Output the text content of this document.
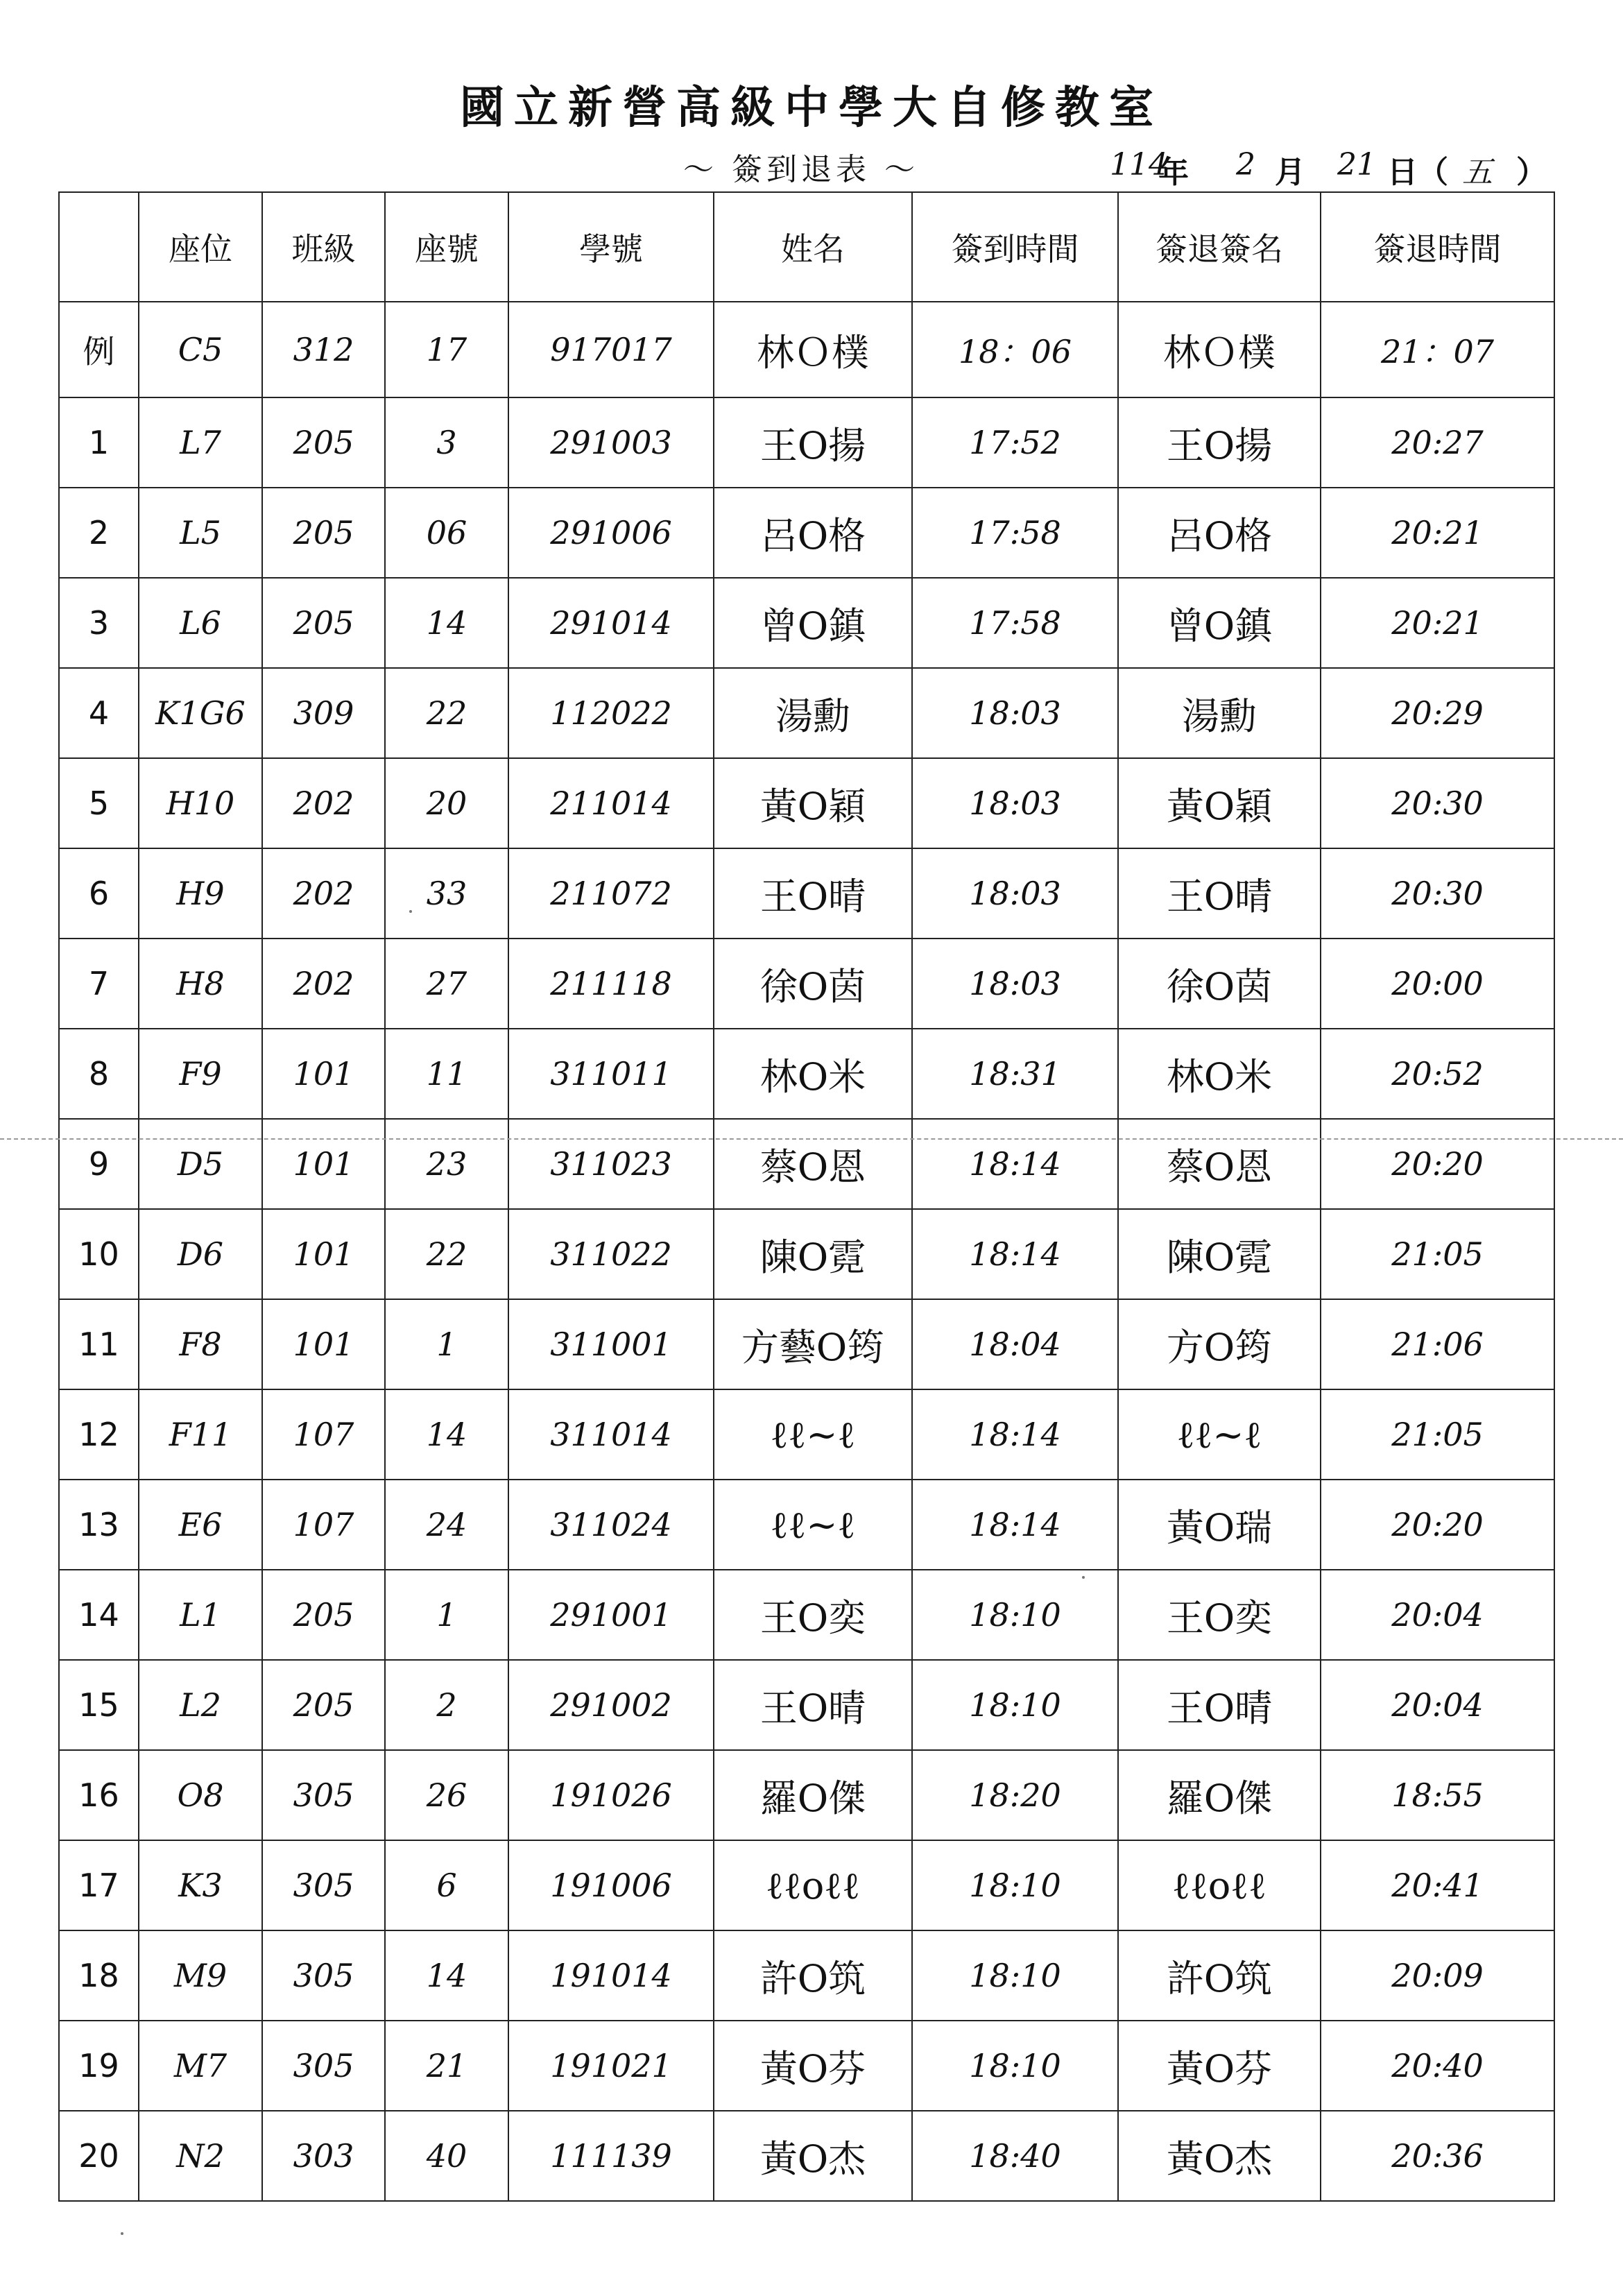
國立新營高級中學大自修教室
～ 簽到退表 ～	114
年 2 月 21 日（ 五 ）
	座位	班級	座號	學號	姓名	簽到時間	簽退簽名	簽退時間
例	C5	312	17	917017	林Ｏ樸	18：06	林Ｏ樸	21：07
1	L7	205	3	291003	王O揚	17:52	王O揚	20:27
2	L5	205	06	291006	呂O格	17:58	呂O格	20:21
3	L6	205	14	291014	曾O鎮	17:58	曾O鎮	20:21
4	K1G6	309	22	112022	湯勳	18:03	湯勳	20:29
5	H10	202	20	211014	黃O穎	18:03	黃O穎	20:30
6	H9	202	33	211072	王O晴	18:03	王O晴	20:30
7	H8	202	27	211118	徐O茵	18:03	徐O茵	20:00
8	F9	101	11	311011	林O米	18:31	林O米	20:52
9	D5	101	23	311023	蔡O恩	18:14	蔡O恩	20:20
10	D6	101	22	311022	陳O霓	18:14	陳O霓	21:05
11	F8	101	1	311001	方藝O筠	18:04	方O筠	21:06
12	F11	107	14	311014	ℓℓ~ℓ	18:14	ℓℓ~ℓ	21:05
13	E6	107	24	311024	ℓℓ~ℓ	18:14	黃O瑞	20:20
14	L1	205	1	291001	王O奕	18:10	王O奕	20:04
15	L2	205	2	291002	王O晴	18:10	王O晴	20:04
16	O8	305	26	191026	羅O傑	18:20	羅O傑	18:55
17	K3	305	6	191006	ℓℓoℓℓ	18:10	ℓℓoℓℓ	20:41
18	M9	305	14	191014	許O筑	18:10	許O筑	20:09
19	M7	305	21	191021	黃O芬	18:10	黃O芬	20:40
20	N2	303	40	111139	黃O杰	18:40	黃O杰	20:36
